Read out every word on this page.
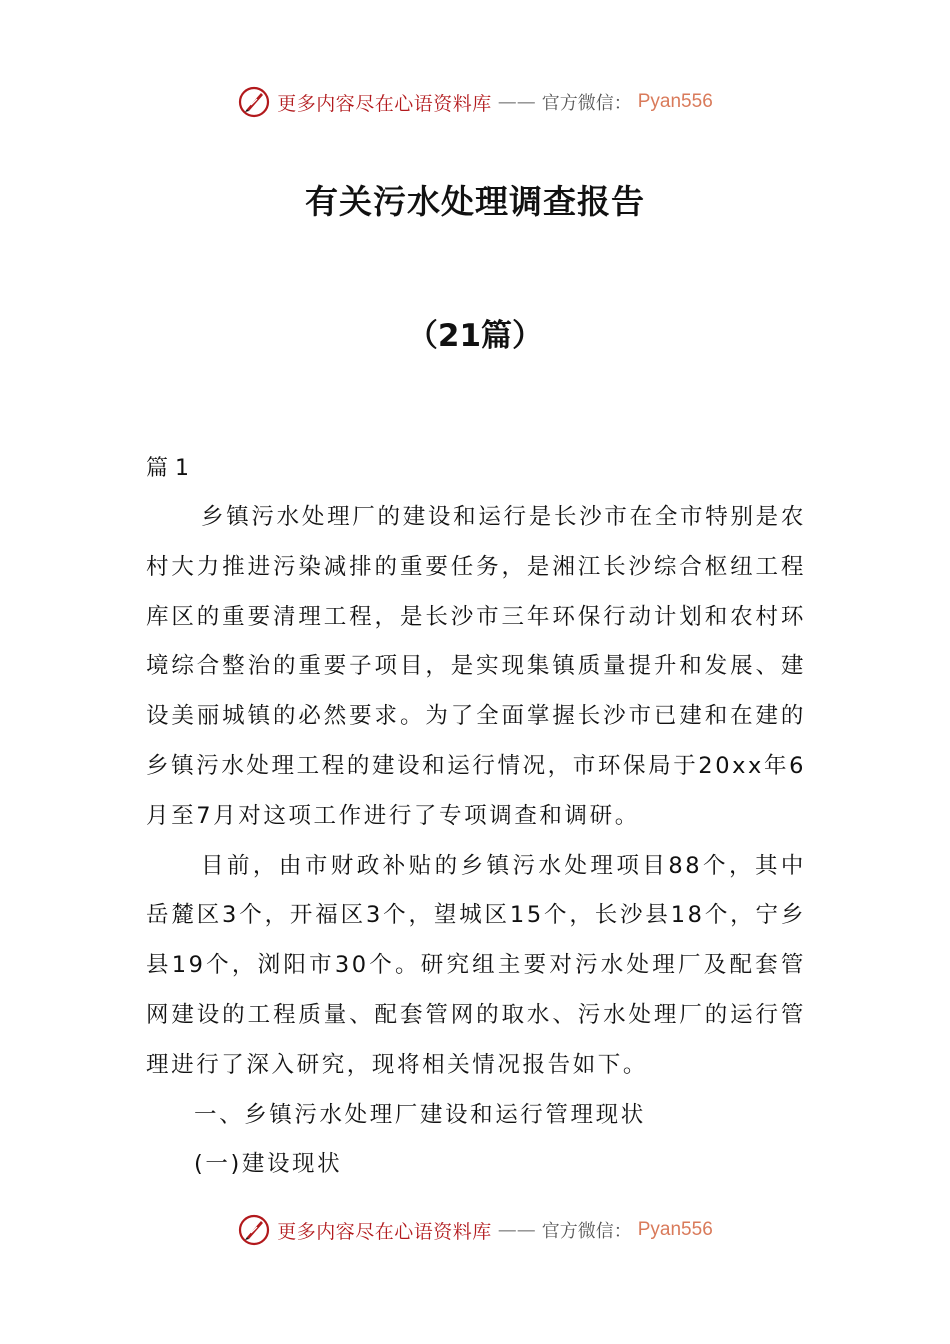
更多内容尽在心语资料库 —— 官方微信： Pyan556
有关污水处理调查报告
（21篇）
篇 1

乡镇污水处理厂的建设和运行是长沙市在全市特别是农村大力推进污染减排的重要任务，是湘江长沙综合枢纽工程库区的重要清理工程，是长沙市三年环保行动计划和农村环境综合整治的重要子项目，是实现集镇质量提升和发展、建设美丽城镇的必然要求。为了全面掌握长沙市已建和在建的乡镇污水处理工程的建设和运行情况，市环保局于20xx年6月至7月对这项工作进行了专项调查和调研。

目前，由市财政补贴的乡镇污水处理项目88个，其中岳麓区3个，开福区3个，望城区15个，长沙县18个，宁乡县19个，浏阳市30个。研究组主要对污水处理厂及配套管网建设的工程质量、配套管网的取水、污水处理厂的运行管理进行了深入研究，现将相关情况报告如下。

一、乡镇污水处理厂建设和运行管理现状

(一)建设现状

更多内容尽在心语资料库 —— 官方微信： Pyan556
